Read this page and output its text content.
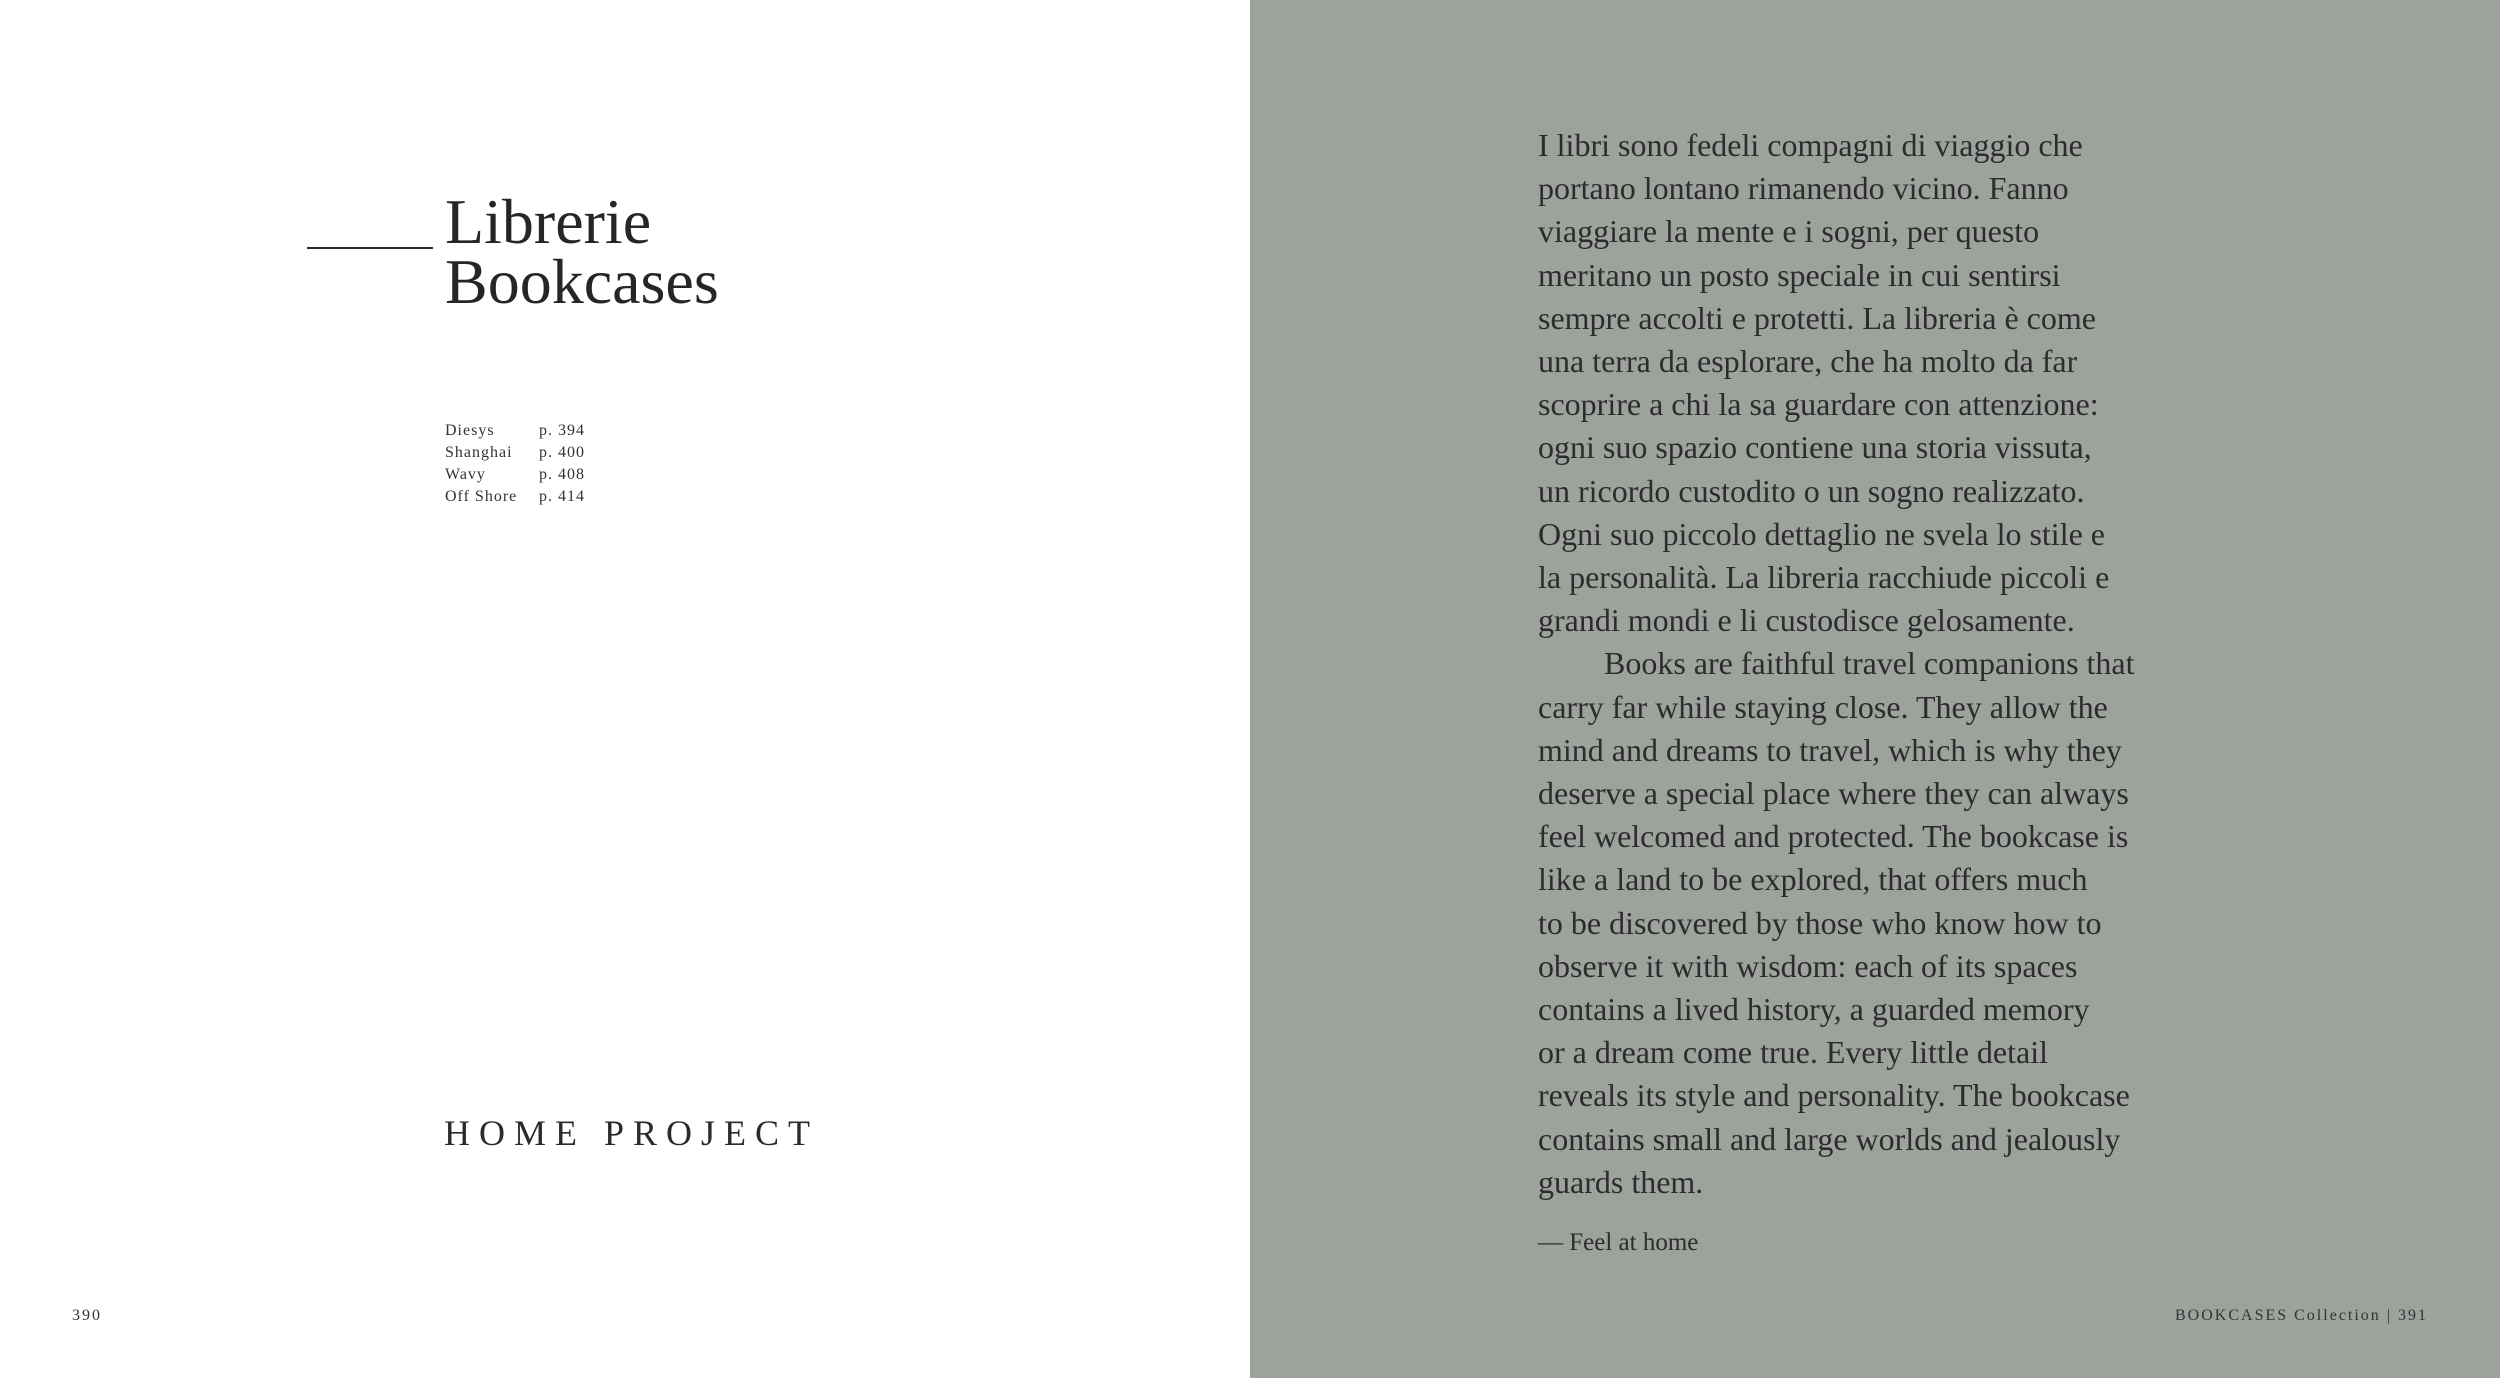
Librerie
Bookcases
Diesys	p. 394
Shanghai	p. 400
Wavy	p. 408
Off Shore	p. 414
HOME PROJECT
390

I libri sono fedeli compagni di viaggio che
portano lontano rimanendo vicino. Fanno
viaggiare la mente e i sogni, per questo
meritano un posto speciale in cui sentirsi
sempre accolti e protetti. La libreria è come
una terra da esplorare, che ha molto da far
scoprire a chi la sa guardare con attenzione:
ogni suo spazio contiene una storia vissuta,
un ricordo custodito o un sogno realizzato.
Ogni suo piccolo dettaglio ne svela lo stile e
la personalità. La libreria racchiude piccoli e
grandi mondi e li custodisce gelosamente.

Books are faithful travel companions that
carry far while staying close. They allow the
mind and dreams to travel, which is why they
deserve a special place where they can always
feel welcomed and protected. The bookcase is
like a land to be explored, that offers much
to be discovered by those who know how to
observe it with wisdom: each of its spaces
contains a lived history, a guarded memory
or a dream come true. Every little detail
reveals its style and personality. The bookcase
contains small and large worlds and jealously
guards them.

— Feel at home
BOOKCASES Collection | 391
